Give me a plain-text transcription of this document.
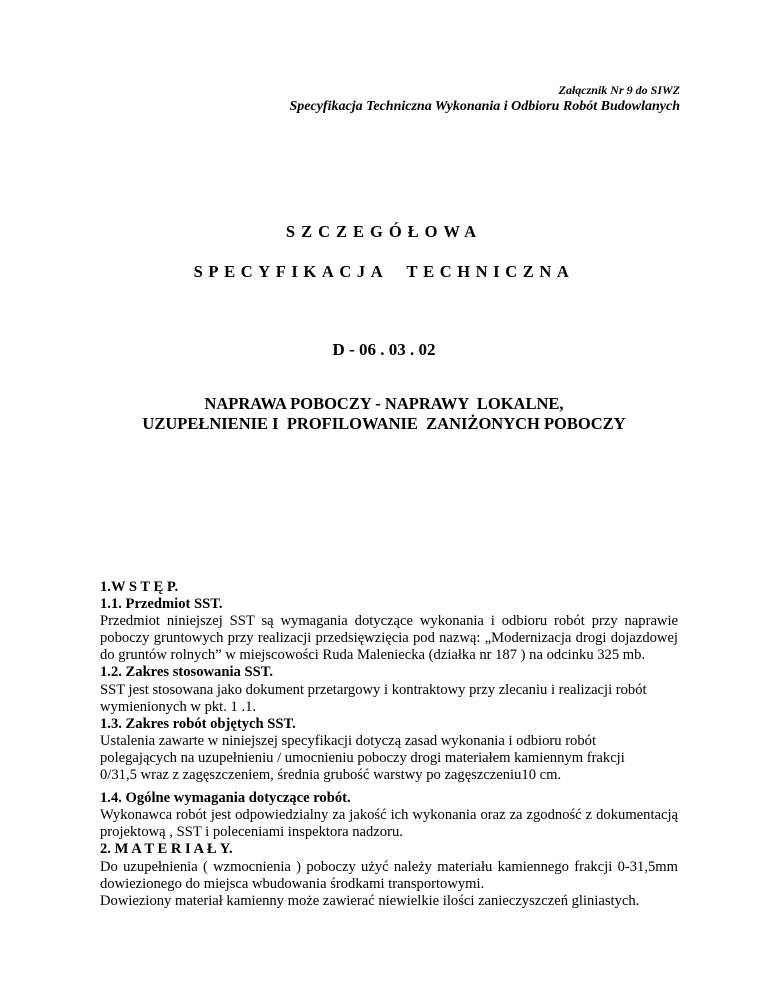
Załącznik Nr 9 do SIWZ
Specyfikacja Techniczna Wykonania i Odbioru Robót Budowlanych
SZCZEGÓŁOWA
SPECYFIKACJA  TECHNICZNA
D - 06 . 03 . 02
NAPRAWA POBOCZY - NAPRAWY  LOKALNE,
UZUPEŁNIENIE I  PROFILOWANIE  ZANIŻONYCH POBOCZY

1.W S T Ę P.

1.1. Przedmiot SST.

Przedmiot niniejszej SST są wymagania dotyczące wykonania i odbioru robót przy naprawie poboczy gruntowych przy realizacji przedsięwzięcia pod nazwą: „Modernizacja drogi dojazdowej do gruntów rolnych” w miejscowości Ruda Maleniecka (działka nr 187 ) na odcinku 325 mb.

1.2. Zakres stosowania SST.

SST jest stosowana jako dokument przetargowy i kontraktowy przy zlecaniu i realizacji robót wymienionych w pkt. 1 .1.

1.3. Zakres robót objętych SST.

Ustalenia zawarte w niniejszej specyfikacji dotyczą zasad wykonania i odbioru robót

polegających na uzupełnieniu / umocnieniu poboczy drogi materiałem kamiennym frakcji

0/31,5 wraz z zagęszczeniem, średnia grubość warstwy po zagęszczeniu10 cm.

1.4. Ogólne wymagania dotyczące robót.

Wykonawca robót jest odpowiedzialny za jakość ich wykonania oraz za zgodność z dokumentacją projektową , SST i poleceniami inspektora nadzoru.

2. M A T E R I A Ł Y.

Do uzupełnienia ( wzmocnienia ) poboczy użyć należy materiału kamiennego frakcji 0-31,5mm dowiezionego do miejsca wbudowania środkami transportowymi.

Dowieziony materiał kamienny może zawierać niewielkie ilości zanieczyszczeń gliniastych.
